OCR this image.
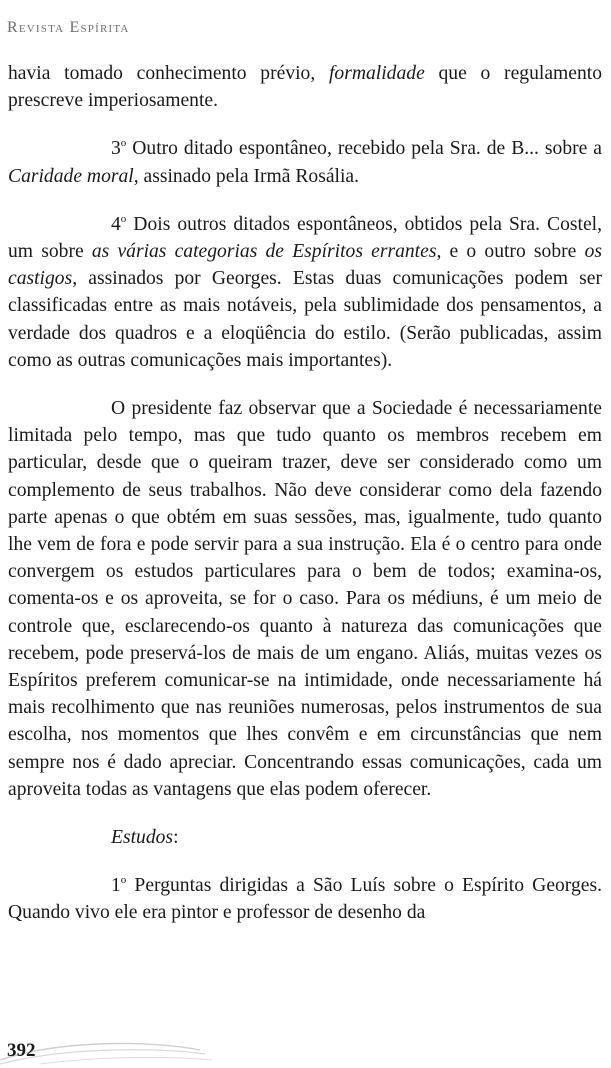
Revista Espírita

havia tomado conhecimento prévio, formalidade que o regulamento prescreve imperiosamente.

3$^o$ Outro ditado espontâneo, recebido pela Sra. de B... sobre a Caridade moral, assinado pela Irmã Rosália.

4$^o$ Dois outros ditados espontâneos, obtidos pela Sra. Costel, um sobre as várias categorias de Espíritos errantes, e o outro sobre os castigos, assinados por Georges. Estas duas comunicações podem ser classificadas entre as mais notáveis, pela sublimidade dos pensamentos, a verdade dos quadros e a eloqüência do estilo. (Serão publicadas, assim como as outras comunicações mais importantes).

O presidente faz observar que a Sociedade é necessariamente limitada pelo tempo, mas que tudo quanto os membros recebem em particular, desde que o queiram trazer, deve ser considerado como um complemento de seus trabalhos. Não deve considerar como dela fazendo parte apenas o que obtém em suas sessões, mas, igualmente, tudo quanto lhe vem de fora e pode servir para a sua instrução. Ela é o centro para onde convergem os estudos particulares para o bem de todos; examina-os, comenta-os e os aproveita, se for o caso. Para os médiuns, é um meio de controle que, esclarecendo-os quanto à natureza das comunicações que recebem, pode preservá-los de mais de um engano. Aliás, muitas vezes os Espíritos preferem comunicar-se na intimidade, onde necessariamente há mais recolhimento que nas reuniões numerosas, pelos instrumentos de sua escolha, nos momentos que lhes convêm e em circunstâncias que nem sempre nos é dado apreciar. Concentrando essas comunicações, cada um aproveita todas as vantagens que elas podem oferecer.

Estudos:

1$^o$ Perguntas dirigidas a São Luís sobre o Espírito Georges. Quando vivo ele era pintor e professor de desenho da

392
